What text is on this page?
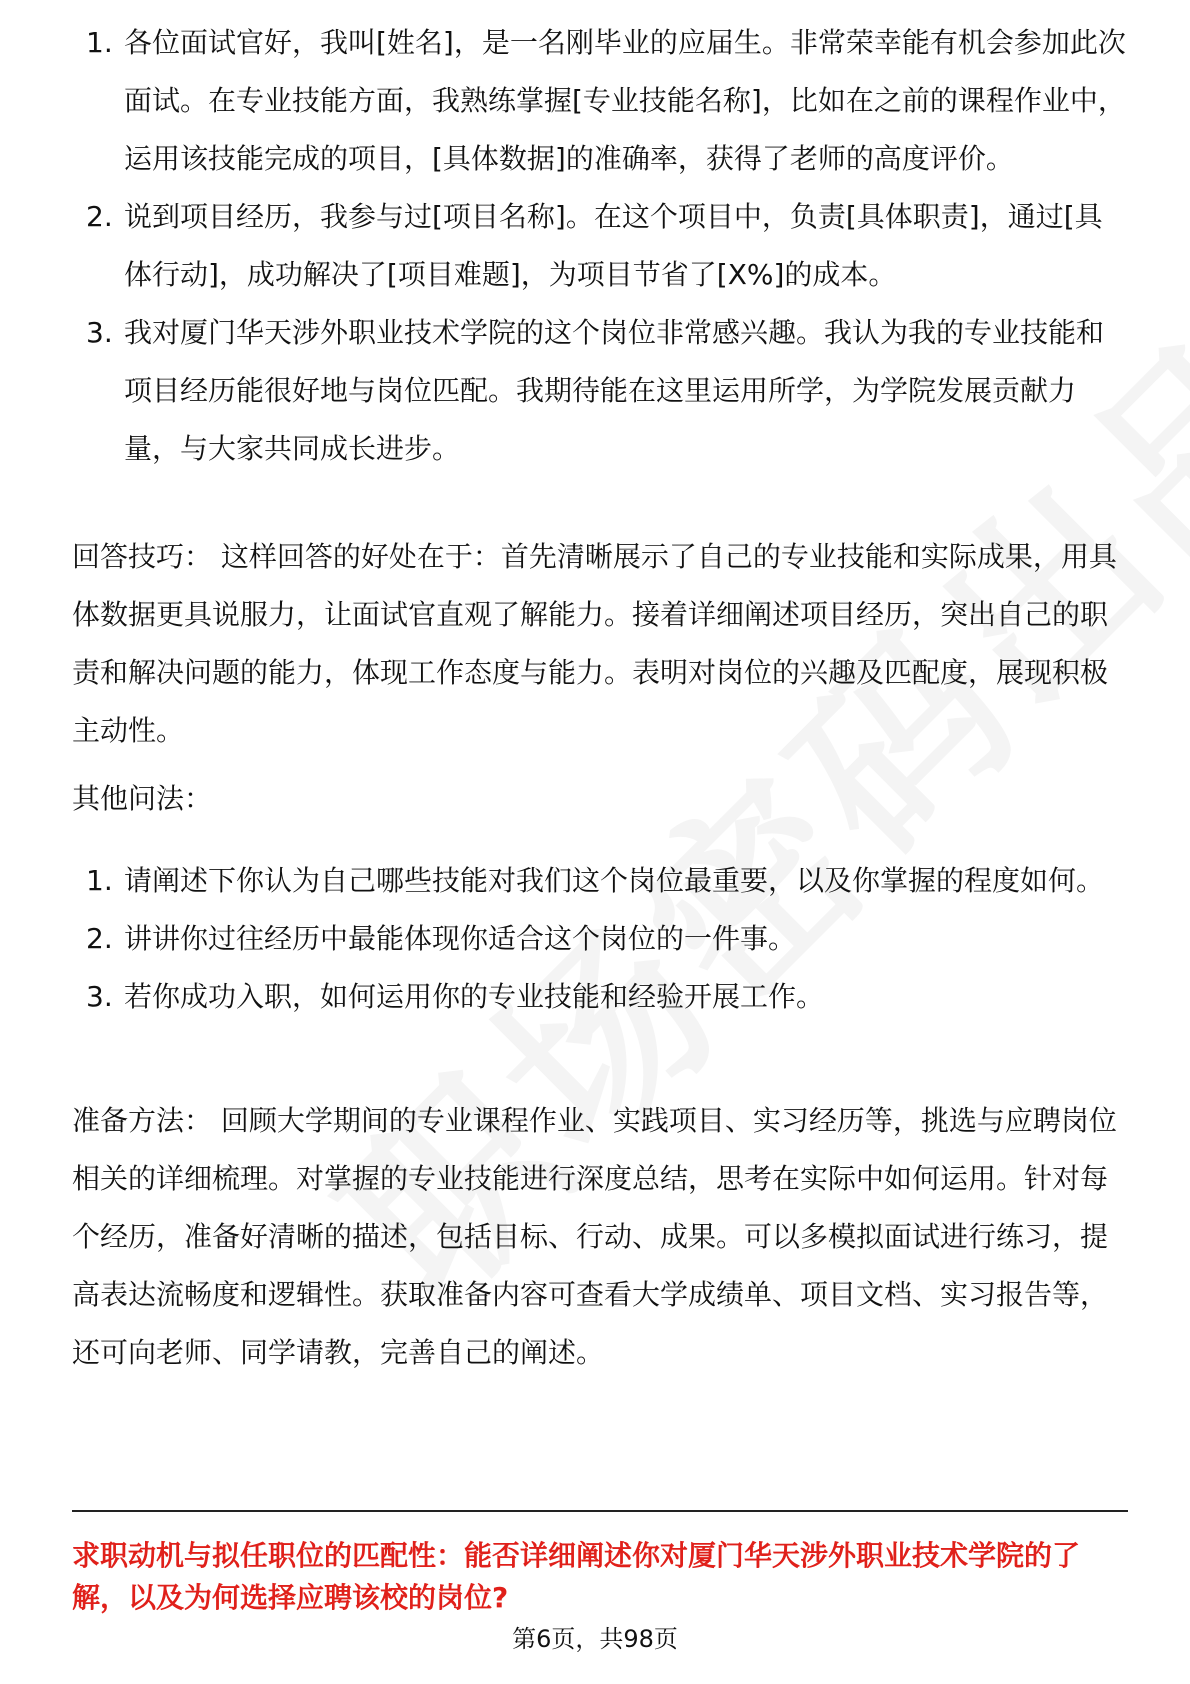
1. 各位面试官好，我叫[姓名]，是一名刚毕业的应届生。非常荣幸能有机会参加此次面试。在专业技能方面，我熟练掌握[专业技能名称]，比如在之前的课程作业中，运用该技能完成的项目，[具体数据]的准确率，获得了老师的高度评价。
2. 说到项目经历，我参与过[项目名称]。在这个项目中，负责[具体职责]，通过[具体行动]，成功解决了[项目难题]，为项目节省了[X%]的成本。
3. 我对厦门华天涉外职业技术学院的这个岗位非常感兴趣。我认为我的专业技能和项目经历能很好地与岗位匹配。我期待能在这里运用所学，为学院发展贡献力量，与大家共同成长进步。

回答技巧： 这样回答的好处在于：首先清晰展示了自己的专业技能和实际成果，用具体数据更具说服力，让面试官直观了解能力。接着详细阐述项目经历，突出自己的职责和解决问题的能力，体现工作态度与能力。表明对岗位的兴趣及匹配度，展现积极主动性。

其他问法：

1. 请阐述下你认为自己哪些技能对我们这个岗位最重要，以及你掌握的程度如何。
2. 讲讲你过往经历中最能体现你适合这个岗位的一件事。
3. 若你成功入职，如何运用你的专业技能和经验开展工作。

准备方法： 回顾大学期间的专业课程作业、实践项目、实习经历等，挑选与应聘岗位相关的详细梳理。对掌握的专业技能进行深度总结，思考在实际中如何运用。针对每个经历，准备好清晰的描述，包括目标、行动、成果。可以多模拟面试进行练习，提高表达流畅度和逻辑性。获取准备内容可查看大学成绩单、项目文档、实习报告等，还可向老师、同学请教，完善自己的阐述。

求职动机与拟任职位的匹配性：能否详细阐述你对厦门华天涉外职业技术学院的了解，以及为何选择应聘该校的岗位?
第6页，共98页
